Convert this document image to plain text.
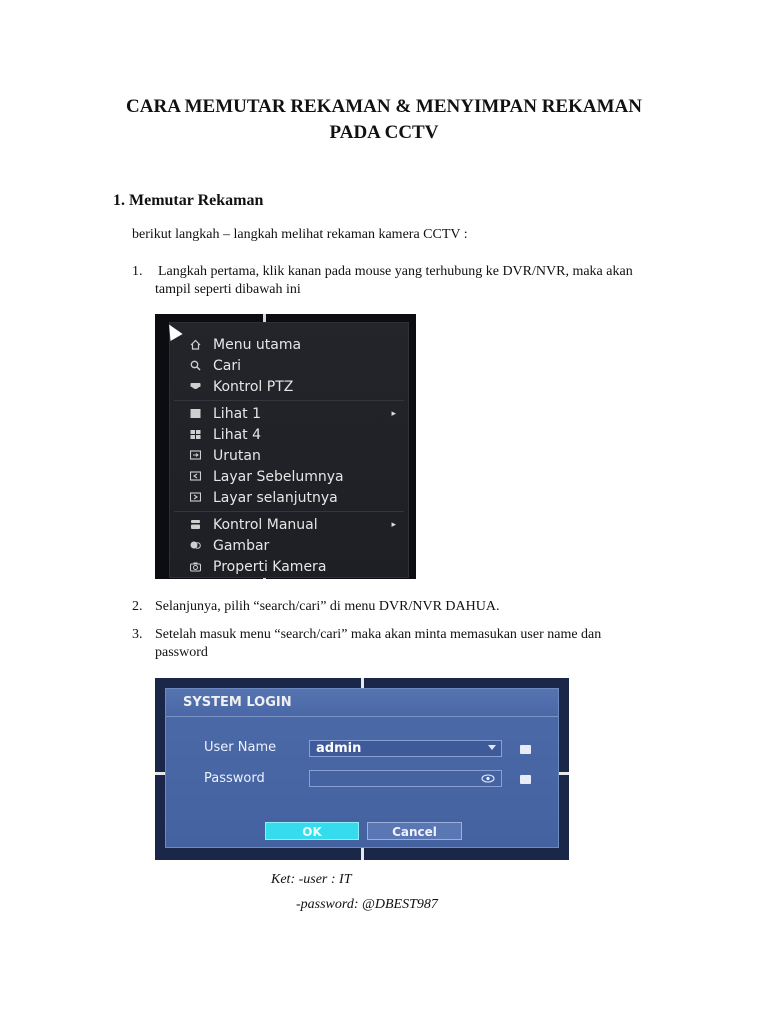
CARA MEMUTAR REKAMAN & MENYIMPAN REKAMAN
PADA CCTV
1. Memutar Rekaman
berikut langkah – langkah melihat rekaman kamera CCTV :
1. Langkah pertama, klik kanan pada mouse yang terhubung ke DVR/NVR, maka akan
tampil seperti dibawah ini
Menu utama
Cari
Kontrol PTZ
Lihat 1	▸
Lihat 4
Urutan
Layar Sebelumnya
Layar selanjutnya
Kontrol Manual	▸
Gambar
Properti Kamera
2. Selanjunya, pilih “search/cari” di menu DVR/NVR DAHUA.
3. Setelah masuk menu “search/cari” maka akan minta memasukan user name dan
password
SYSTEM LOGIN
User Name	admin
Password
OK	Cancel
Ket: -user : IT
-password: @DBEST987
